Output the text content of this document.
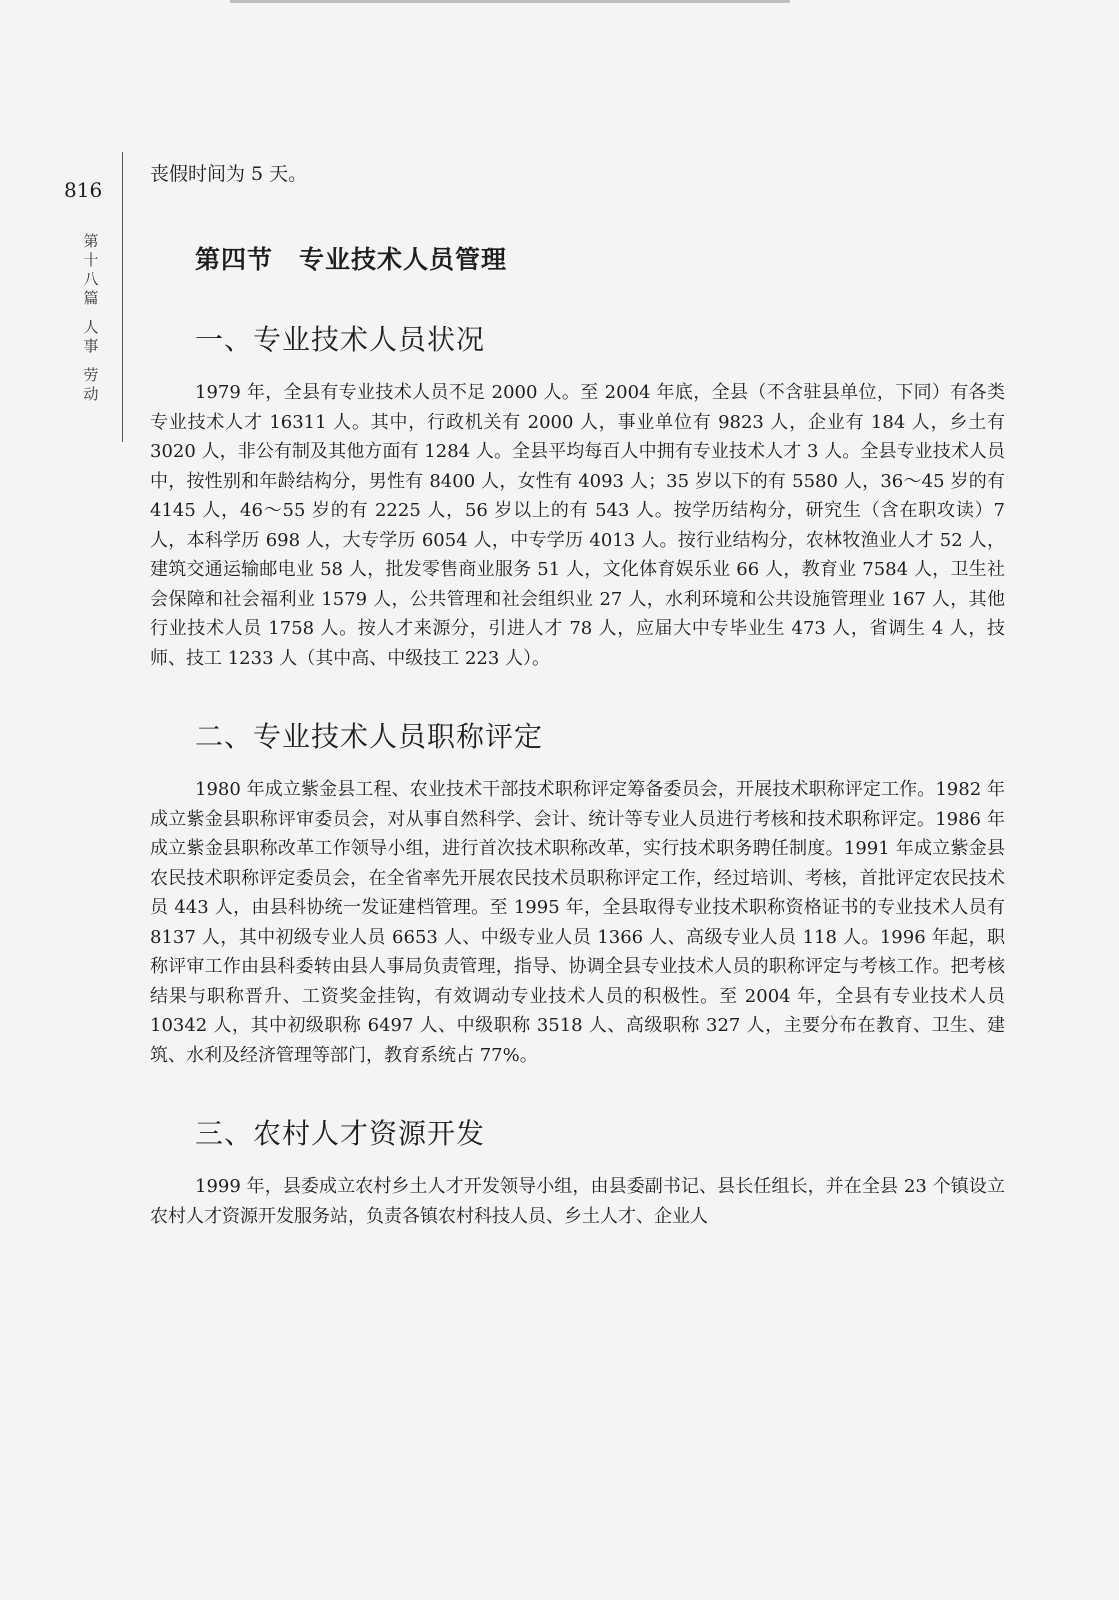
816
第
十
八
篇
人
事
劳
动

丧假时间为 5 天。

第四节 专业技术人员管理
一、专业技术人员状况

1979 年，全县有专业技术人员不足 2000 人。至 2004 年底，全县（不含驻县单位，下同）有各类专业技术人才 16311 人。其中，行政机关有 2000 人，事业单位有 9823 人，企业有 184 人，乡土有 3020 人，非公有制及其他方面有 1284 人。全县平均每百人中拥有专业技术人才 3 人。全县专业技术人员中，按性别和年龄结构分，男性有 8400 人，女性有 4093 人；35 岁以下的有 5580 人，36～45 岁的有 4145 人，46～55 岁的有 2225 人，56 岁以上的有 543 人。按学历结构分，研究生（含在职攻读）7 人，本科学历 698 人，大专学历 6054 人，中专学历 4013 人。按行业结构分，农林牧渔业人才 52 人，建筑交通运输邮电业 58 人，批发零售商业服务 51 人，文化体育娱乐业 66 人，教育业 7584 人，卫生社会保障和社会福利业 1579 人，公共管理和社会组织业 27 人，水利环境和公共设施管理业 167 人，其他行业技术人员 1758 人。按人才来源分，引进人才 78 人，应届大中专毕业生 473 人，省调生 4 人，技师、技工 1233 人（其中高、中级技工 223 人）。

二、专业技术人员职称评定

1980 年成立紫金县工程、农业技术干部技术职称评定筹备委员会，开展技术职称评定工作。1982 年成立紫金县职称评审委员会，对从事自然科学、会计、统计等专业人员进行考核和技术职称评定。1986 年成立紫金县职称改革工作领导小组，进行首次技术职称改革，实行技术职务聘任制度。1991 年成立紫金县农民技术职称评定委员会，在全省率先开展农民技术员职称评定工作，经过培训、考核，首批评定农民技术员 443 人，由县科协统一发证建档管理。至 1995 年，全县取得专业技术职称资格证书的专业技术人员有 8137 人，其中初级专业人员 6653 人、中级专业人员 1366 人、高级专业人员 118 人。1996 年起，职称评审工作由县科委转由县人事局负责管理，指导、协调全县专业技术人员的职称评定与考核工作。把考核结果与职称晋升、工资奖金挂钩，有效调动专业技术人员的积极性。至 2004 年，全县有专业技术人员 10342 人，其中初级职称 6497 人、中级职称 3518 人、高级职称 327 人，主要分布在教育、卫生、建筑、水利及经济管理等部门，教育系统占 77%。

三、农村人才资源开发

1999 年，县委成立农村乡土人才开发领导小组，由县委副书记、县长任组长，并在全县 23 个镇设立农村人才资源开发服务站，负责各镇农村科技人员、乡土人才、企业人
